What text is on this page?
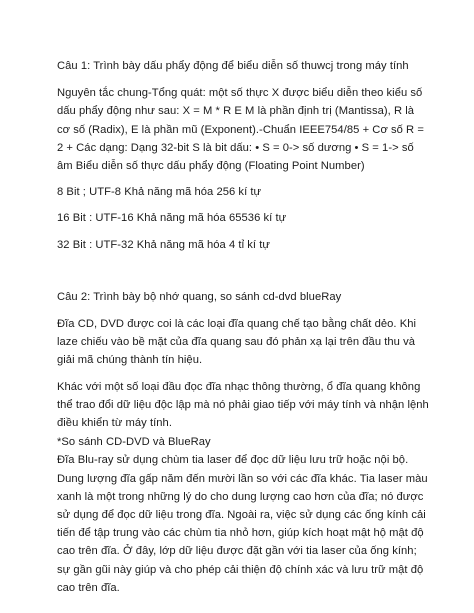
Câu 1: Trình bày dấu phẩy động để biểu diễn số thuwcj trong máy tính

Nguyên tắc chung-Tổng quát: một số thực X được biểu diễn theo kiểu số dấu phẩy động như sau: X = M * R E M là phần định trị (Mantissa), R là cơ số (Radix), E là phần mũ (Exponent).-Chuẩn IEEE754/85 + Cơ số R = 2 + Các dạng: Dạng 32-bit S là bit dấu: • S = 0-> số dương • S = 1-> số âm Biểu diễn số thực dấu phẩy động (Floating Point Number)

8 Bit ; UTF-8 Khả năng mã hóa 256 kí tự

16 Bit : UTF-16 Khả năng mã hóa 65536 kí tự

32 Bit : UTF-32 Khả năng mã hóa 4 tỉ kí tự

Câu 2: Trình bày bộ nhớ quang, so sánh cd-dvd blueRay

Đĩa CD, DVD được coi là các loại đĩa quang chế tạo bằng chất dẻo. Khi laze chiếu vào bề mặt của đĩa quang sau đó phản xạ lại trên đầu thu và giải mã chúng thành tín hiệu.

Khác với một số loại đầu đọc đĩa nhạc thông thường, ổ đĩa quang không thể trao đổi dữ liệu độc lập mà nó phải giao tiếp với máy tính và nhận lệnh điều khiển từ máy tính.

*So sánh CD-DVD và BlueRay

Đĩa Blu-ray sử dụng chùm tia laser để đọc dữ liệu lưu trữ hoặc nội bộ. Dung lượng đĩa gấp năm đến mười lần so với các đĩa khác. Tia laser màu xanh là một trong những lý do cho dung lượng cao hơn của đĩa; nó được sử dụng để đọc dữ liệu trong đĩa. Ngoài ra, việc sử dụng các ống kính cải tiến để tập trung vào các chùm tia nhỏ hơn, giúp kích hoạt mật hộ mật độ cao trên đĩa. Ở đây, lớp dữ liệu được đặt gần với tia laser của ống kính; sự gần gũi này giúp và cho phép cải thiện độ chính xác và lưu trữ mật độ cao trên đĩa.
